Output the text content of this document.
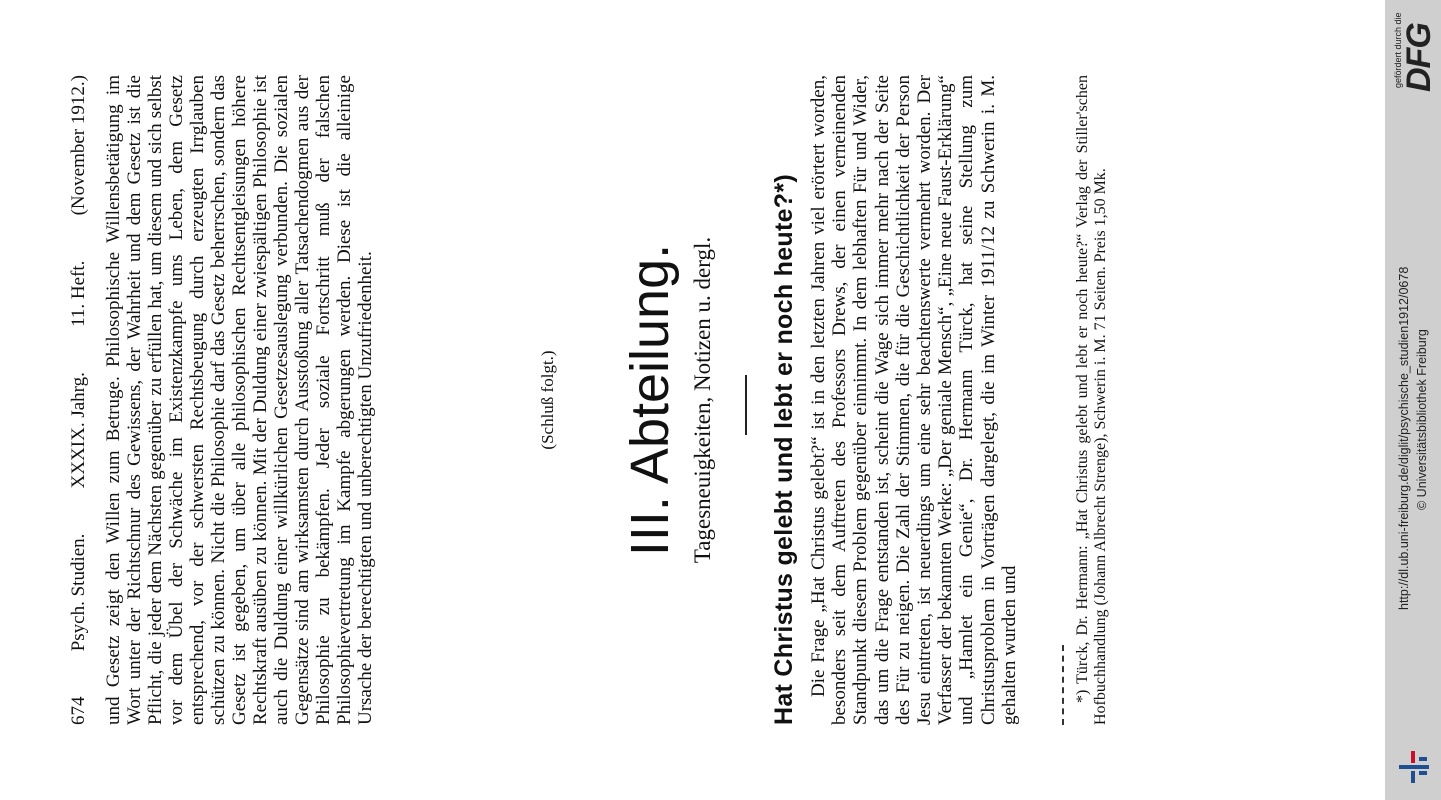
674
Psych. Studien.
XXXIX. Jahrg.
11. Heft.
(November 1912.) und Gesetz zeigt den Willen zum Betruge. Philosophische Willensbetätigung im Wort unter der Richtschnur des Gewissens, der Wahrheit und dem Gesetz ist die Pflicht, die jeder dem Nächsten gegenüber zu erfüllen hat, um diesem und sich selbst vor dem Übel der Schwäche im Existenzkampfe ums Leben, dem Gesetz entsprechend, vor der schwersten Rechtsbeugung durch erzeugten Irrglauben schützen zu können. Nicht die Philosophie darf das Gesetz beherrschen, sondern das Gesetz ist gegeben, um über alle philosophischen Rechtsentgleisungen höhere Rechtskraft ausüben zu können. Mit der Duldung einer zwiespältigen Philosophie ist auch die Duldung einer willkürlichen Gesetzesauslegung verbunden. Die sozialen Gegensätze sind am wirksamsten durch Ausstoßung aller Tatsachendogmen aus der Philosophie zu bekämpfen. Jeder soziale Fortschritt muß der falschen Philosophievertretung im Kampfe abgerungen werden. Diese ist die alleinige Ursache der berechtigten und unberechtigten Unzufriedenheit.	(Schluß folgt.) III. Abteilung. Tagesneuigkeiten, Notizen u. dergl. Hat Christus gelebt und lebt er noch heute?*) Die Frage „Hat Christus gelebt?“ ist in den letzten Jahren viel erörtert worden, besonders seit dem Auftreten des Professors Drews, der einen verneinenden Standpunkt diesem Problem gegenüber einnimmt. In dem lebhaften Für und Wider, das um die Frage entstanden ist, scheint die Wage sich immer mehr nach der Seite des Für zu neigen. Die Zahl der Stimmen, die für die Geschichtlichkeit der Person Jesu eintreten, ist neuerdings um eine sehr beachtenswerte vermehrt worden. Der Verfasser der bekannten Werke: „Der geniale Mensch“, „Eine neue Faust-Erklärung“ und „Hamlet ein Genie“, Dr. Hermann Türck, hat seine Stellung zum Christusproblem in Vorträgen dargelegt, die im Winter 1911/12 zu Schwerin i. M. gehalten wurden und	*) Türck, Dr. Hermann: „Hat Christus gelebt und lebt er noch heute?“ Verlag der Stiller'schen Hofbuchhandlung (Johann Albrecht Strenge), Schwerin i. M. 71 Seiten. Preis 1,50 Mk.	http://dl.ub.uni-freiburg.de/diglit/psychische_studien1912/0678 © Universitätsbibliothek Freiburg
gefördert durch die
DFG
